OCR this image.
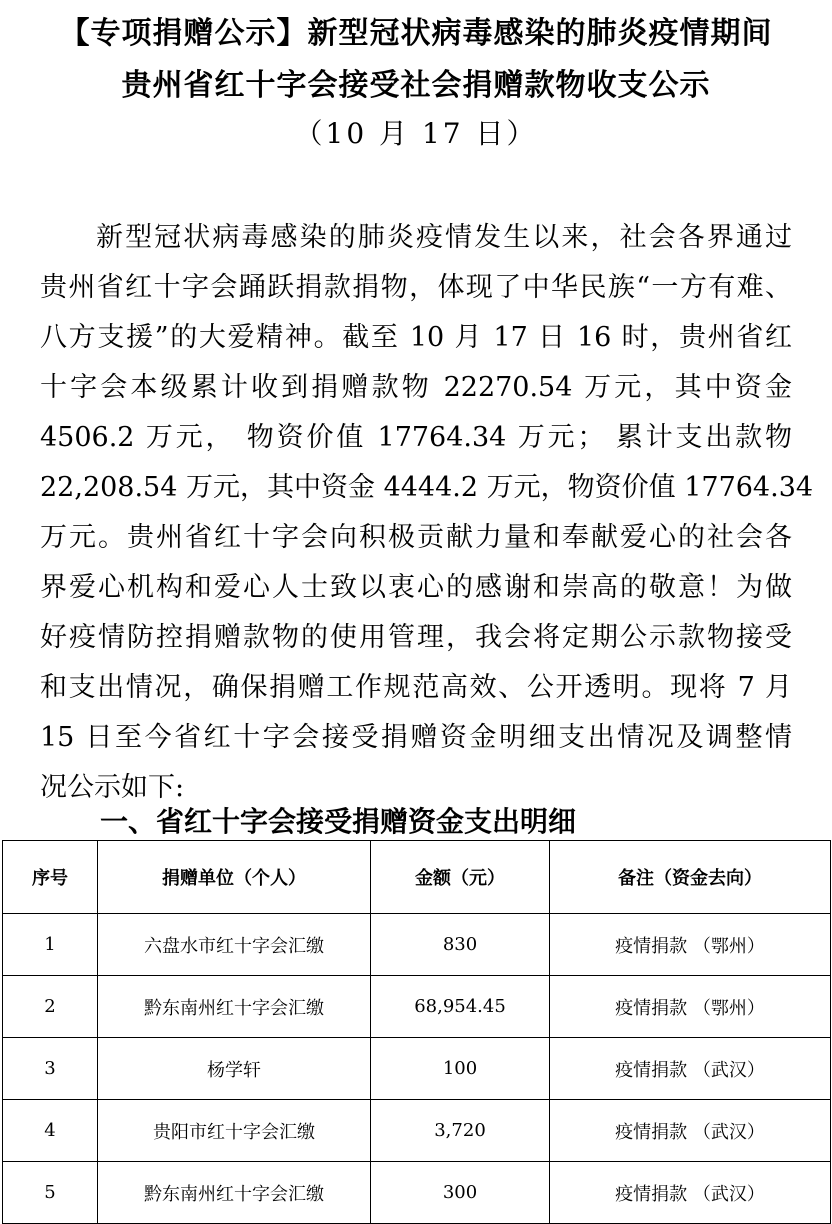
【专项捐赠公示】新型冠状病毒感染的肺炎疫情期间
贵州省红十字会接受社会捐赠款物收支公示
（10 月 17 日）
新型冠状病毒感染的肺炎疫情发生以来，社会各界通过
贵州省红十字会踊跃捐款捐物，体现了中华民族“一方有难、
八方支援”的大爱精神。截至 10 月 17 日 16 时，贵州省红
十字会本级累计收到捐赠款物 22270.54 万元，其中资金
4506.2 万元， 物资价值 17764.34 万元； 累计支出款物
22,208.54 万元，其中资金 4444.2 万元，物资价值 17764.34
万元。贵州省红十字会向积极贡献力量和奉献爱心的社会各
界爱心机构和爱心人士致以衷心的感谢和崇高的敬意！为做
好疫情防控捐赠款物的使用管理，我会将定期公示款物接受
和支出情况，确保捐赠工作规范高效、公开透明。现将 7 月
15 日至今省红十字会接受捐赠资金明细支出情况及调整情
况公示如下:
一、省红十字会接受捐赠资金支出明细
序号	捐赠单位（个人）	金额（元）	备注（资金去向）
1	六盘水市红十字会汇缴	830	疫情捐款 （鄂州）
2	黔东南州红十字会汇缴	68,954.45	疫情捐款 （鄂州）
3	杨学轩	100	疫情捐款 （武汉）
4	贵阳市红十字会汇缴	3,720	疫情捐款 （武汉）
5	黔东南州红十字会汇缴	300	疫情捐款 （武汉）
